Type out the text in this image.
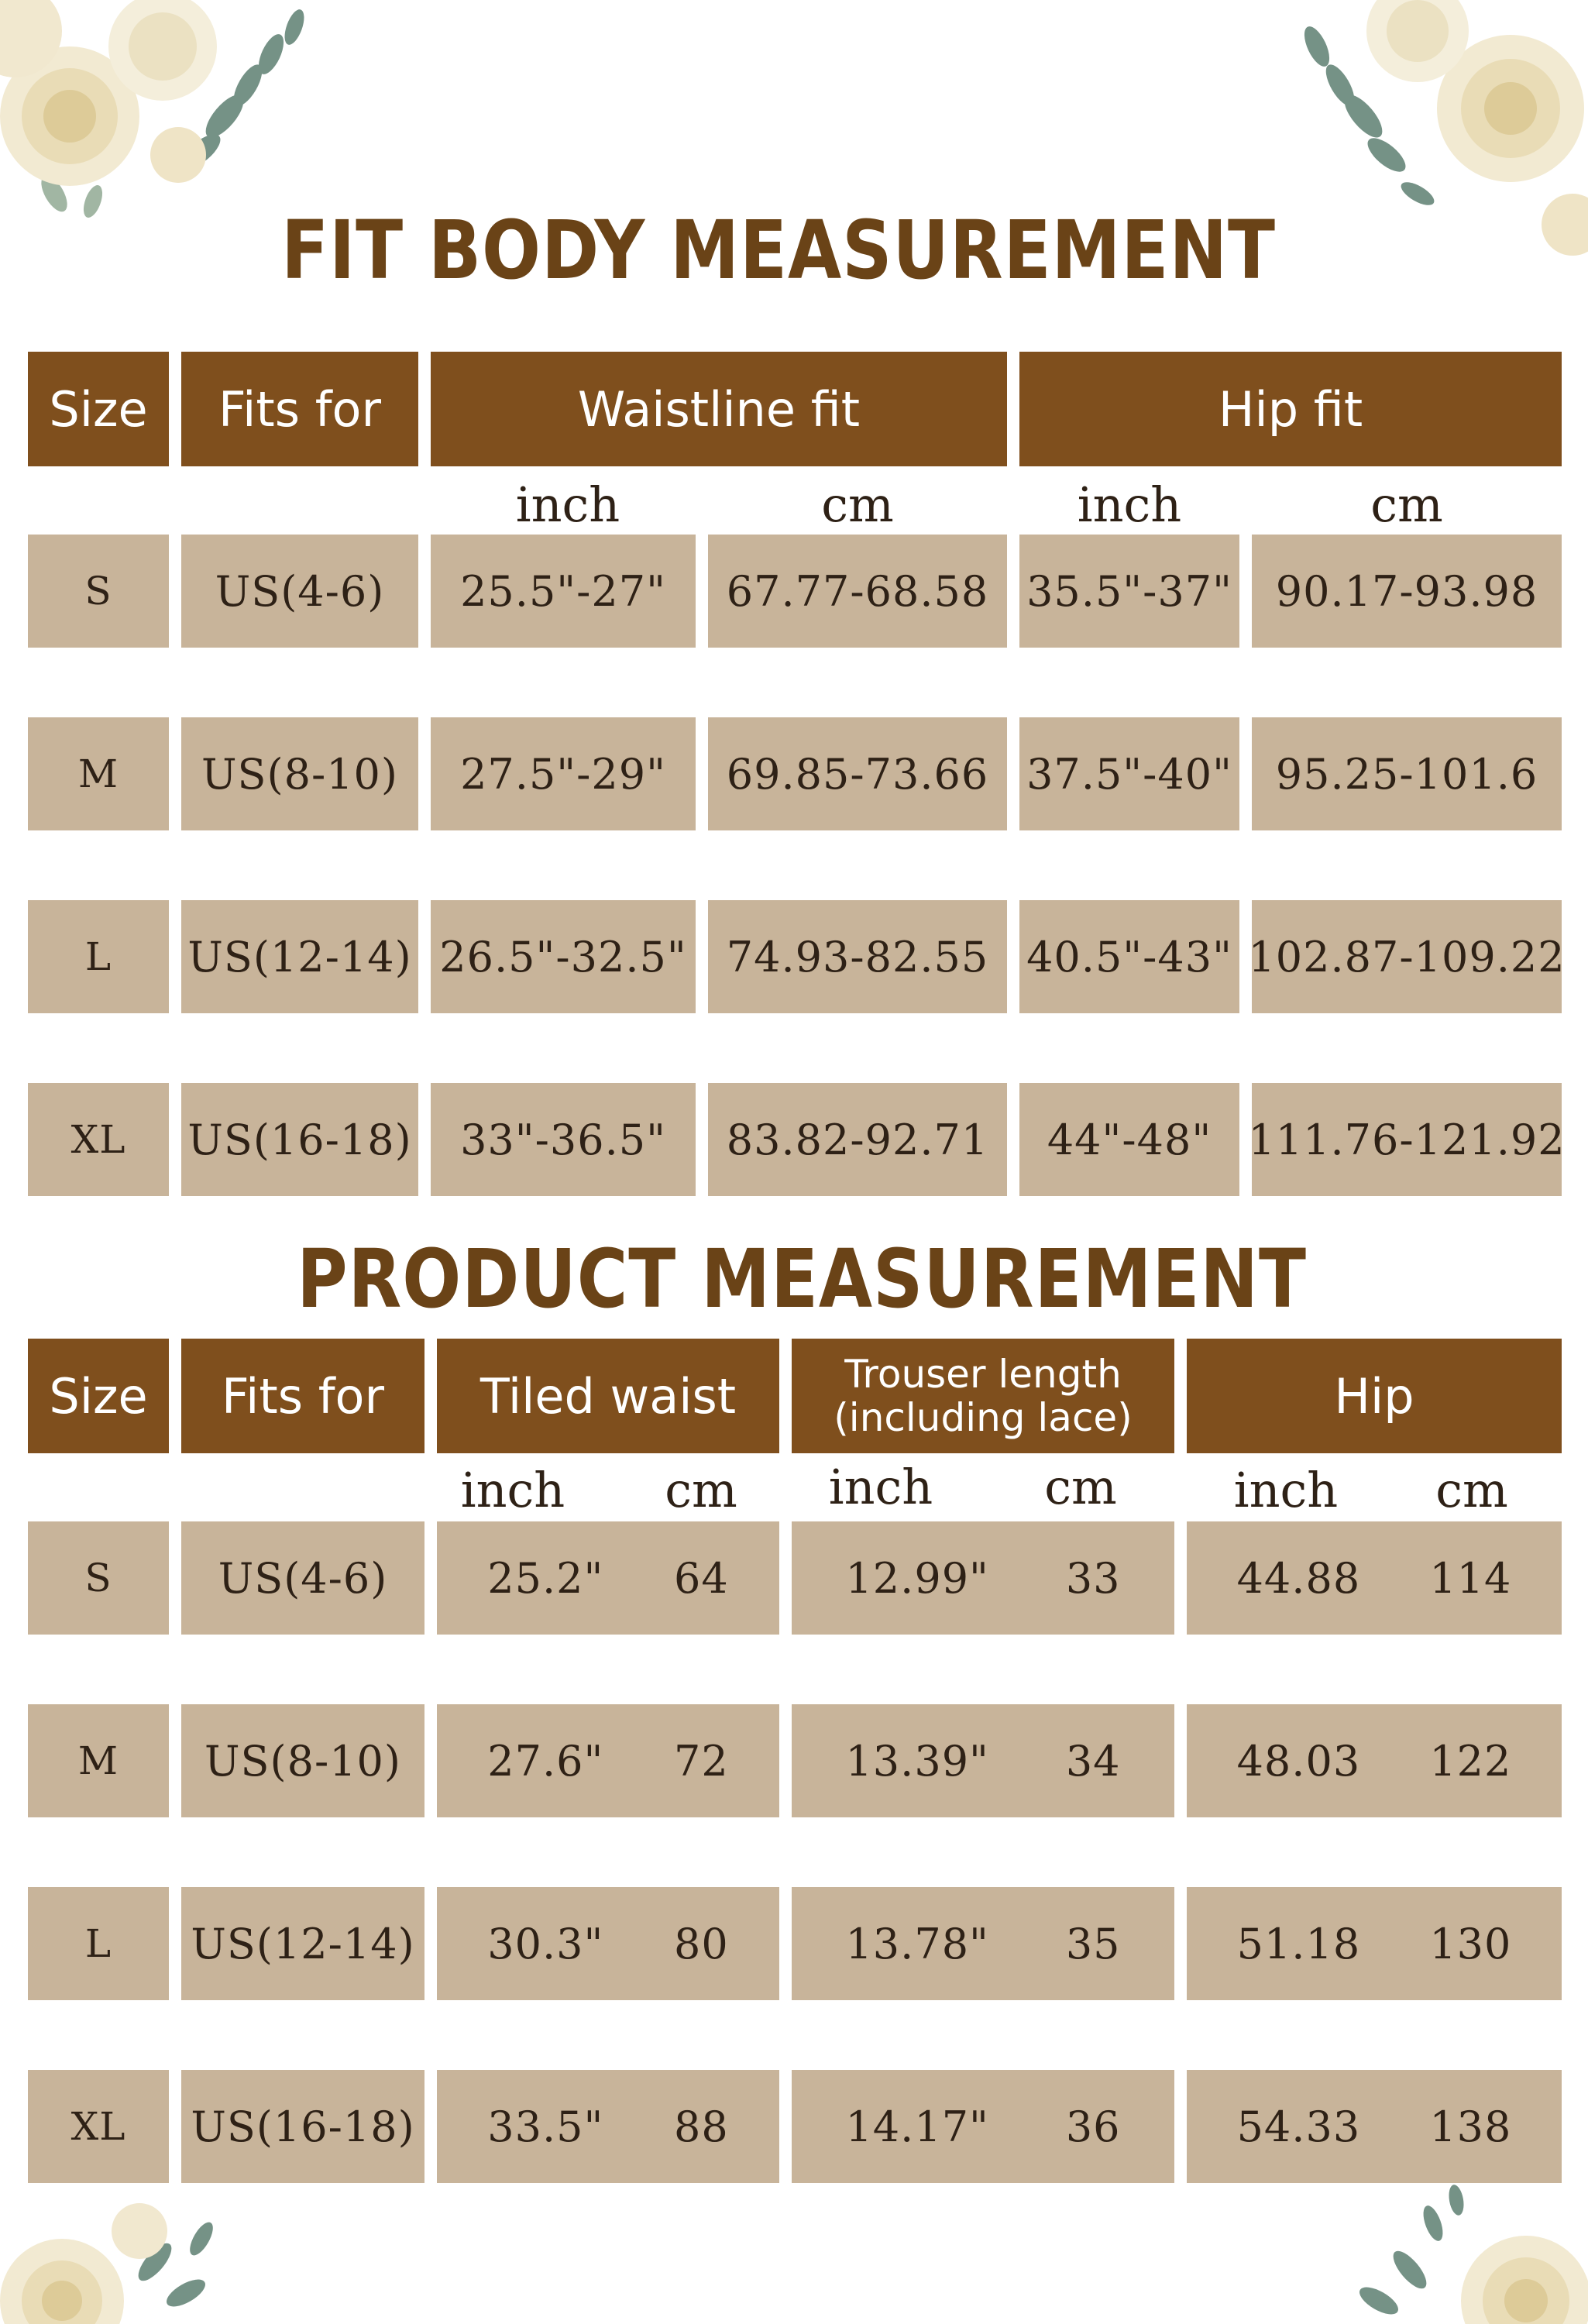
FIT BODY MEASUREMENT
Size	Fits for	Waistline fit	Hip fit
inch	cm	inch	cm
S	US(4-6)	25.5"-27"	67.77-68.58 35.5"-37"	90.17-93.98
M	US(8-10)	27.5"-29"	69.85-73.66 37.5"-40"	95.25-101.6
L	US(12-14) 26.5"-32.5" 74.93-82.55 40.5"-43" 102.87-109.22
XL	US(16-18)	33"-36.5"	83.82-92.71	44"-48" 111.76-121.92
PRODUCT MEASUREMENT
Size	Fits for	Tiled waist	Trouser length
(including lace)	Hip
inch	cm	inch	cm	inch	cm
S	US(4-6)	25.2" 64	12.99" 33	44.88 114
M	US(8-10)	27.6" 72	13.39" 34	48.03 122
L	US(12-14) 30.3" 80	13.78" 35	51.18 130
XL	US(16-18) 33.5" 88	14.17" 36	54.33 138
